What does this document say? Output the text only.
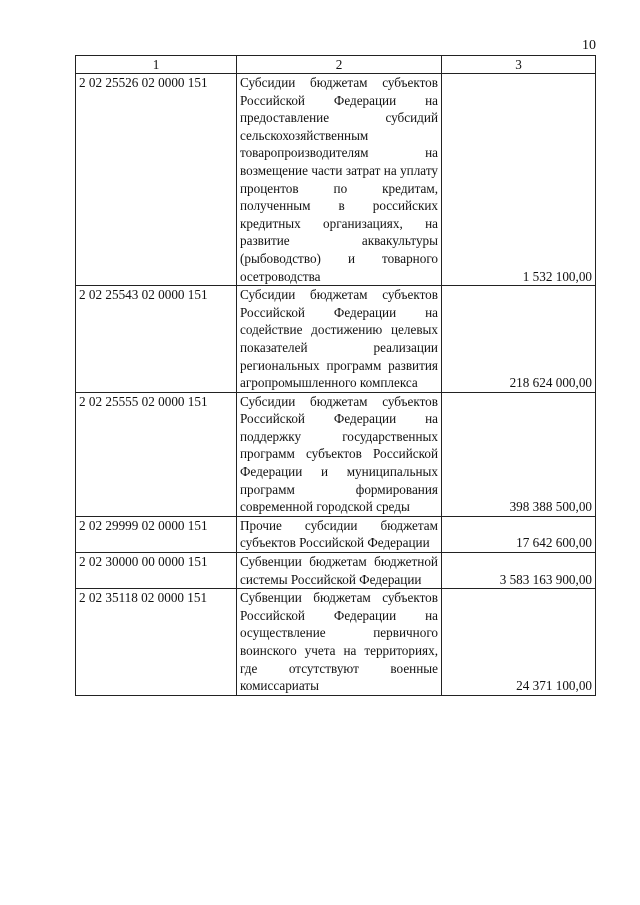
10
1	2	3
2 02 25526 02 0000 151	Субсидии бюджетам субъектов Российской Федерации на предоставление субсидий сельскохозяйственным товаропроизводителям на возмещение части затрат на уплату процентов по кредитам, полученным в российских кредитных организациях, на развитие аквакультуры (рыбоводство) и товарного осетроводства	1 532 100,00
2 02 25543 02 0000 151	Субсидии бюджетам субъектов Российской Федерации на содействие достижению целевых показателей реализации региональных программ развития агропромышленного комплекса	218 624 000,00
2 02 25555 02 0000 151	Субсидии бюджетам субъектов Российской Федерации на поддержку государственных программ субъектов Российской Федерации и муниципальных программ формирования современной городской среды	398 388 500,00
2 02 29999 02 0000 151	Прочие субсидии бюджетам субъектов Российской Федерации	17 642 600,00
2 02 30000 00 0000 151	Субвенции бюджетам бюджетной системы Российской Федерации	3 583 163 900,00
2 02 35118 02 0000 151	Субвенции бюджетам субъектов Российской Федерации на осуществление первичного воинского учета на территориях, где отсутствуют военные комиссариаты	24 371 100,00
